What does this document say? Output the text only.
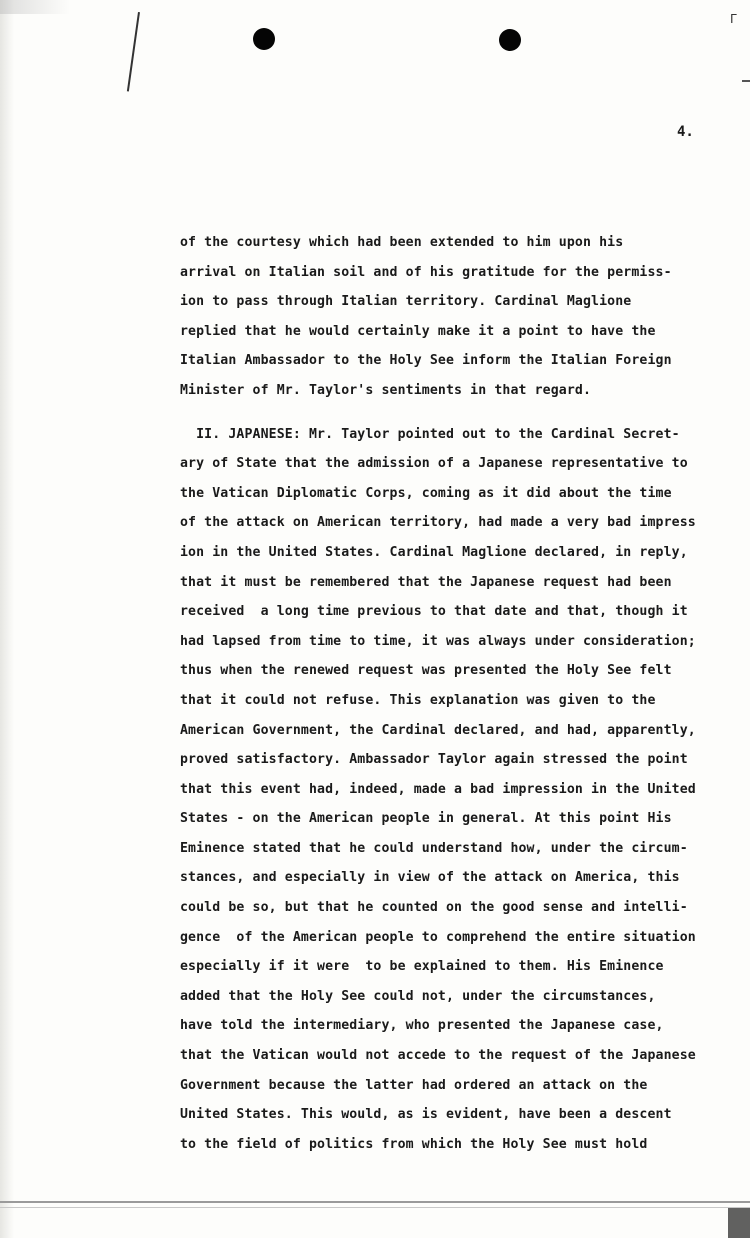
ᒥ
4.
of the courtesy which had been extended to him upon his
arrival on Italian soil and of his gratitude for the permiss-
ion to pass through Italian territory. Cardinal Maglione
replied that he would certainly make it a point to have the
Italian Ambassador to the Holy See inform the Italian Foreign
Minister of Mr. Taylor's sentiments in that regard.
II. JAPANESE: Mr. Taylor pointed out to the Cardinal Secret-
ary of State that the admission of a Japanese representative to
the Vatican Diplomatic Corps, coming as it did about the time
of the attack on American territory, had made a very bad impress
ion in the United States. Cardinal Maglione declared, in reply,
that it must be remembered that the Japanese request had been
received  a long time previous to that date and that, though it
had lapsed from time to time, it was always under consideration;
thus when the renewed request was presented the Holy See felt
that it could not refuse. This explanation was given to the
American Government, the Cardinal declared, and had, apparently,
proved satisfactory. Ambassador Taylor again stressed the point
that this event had, indeed, made a bad impression in the United
States - on the American people in general. At this point His
Eminence stated that he could understand how, under the circum-
stances, and especially in view of the attack on America, this
could be so, but that he counted on the good sense and intelli-
gence  of the American people to comprehend the entire situation
especially if it were  to be explained to them. His Eminence
added that the Holy See could not, under the circumstances,
have told the intermediary, who presented the Japanese case,
that the Vatican would not accede to the request of the Japanese
Government because the latter had ordered an attack on the
United States. This would, as is evident, have been a descent
to the field of politics from which the Holy See must hold
